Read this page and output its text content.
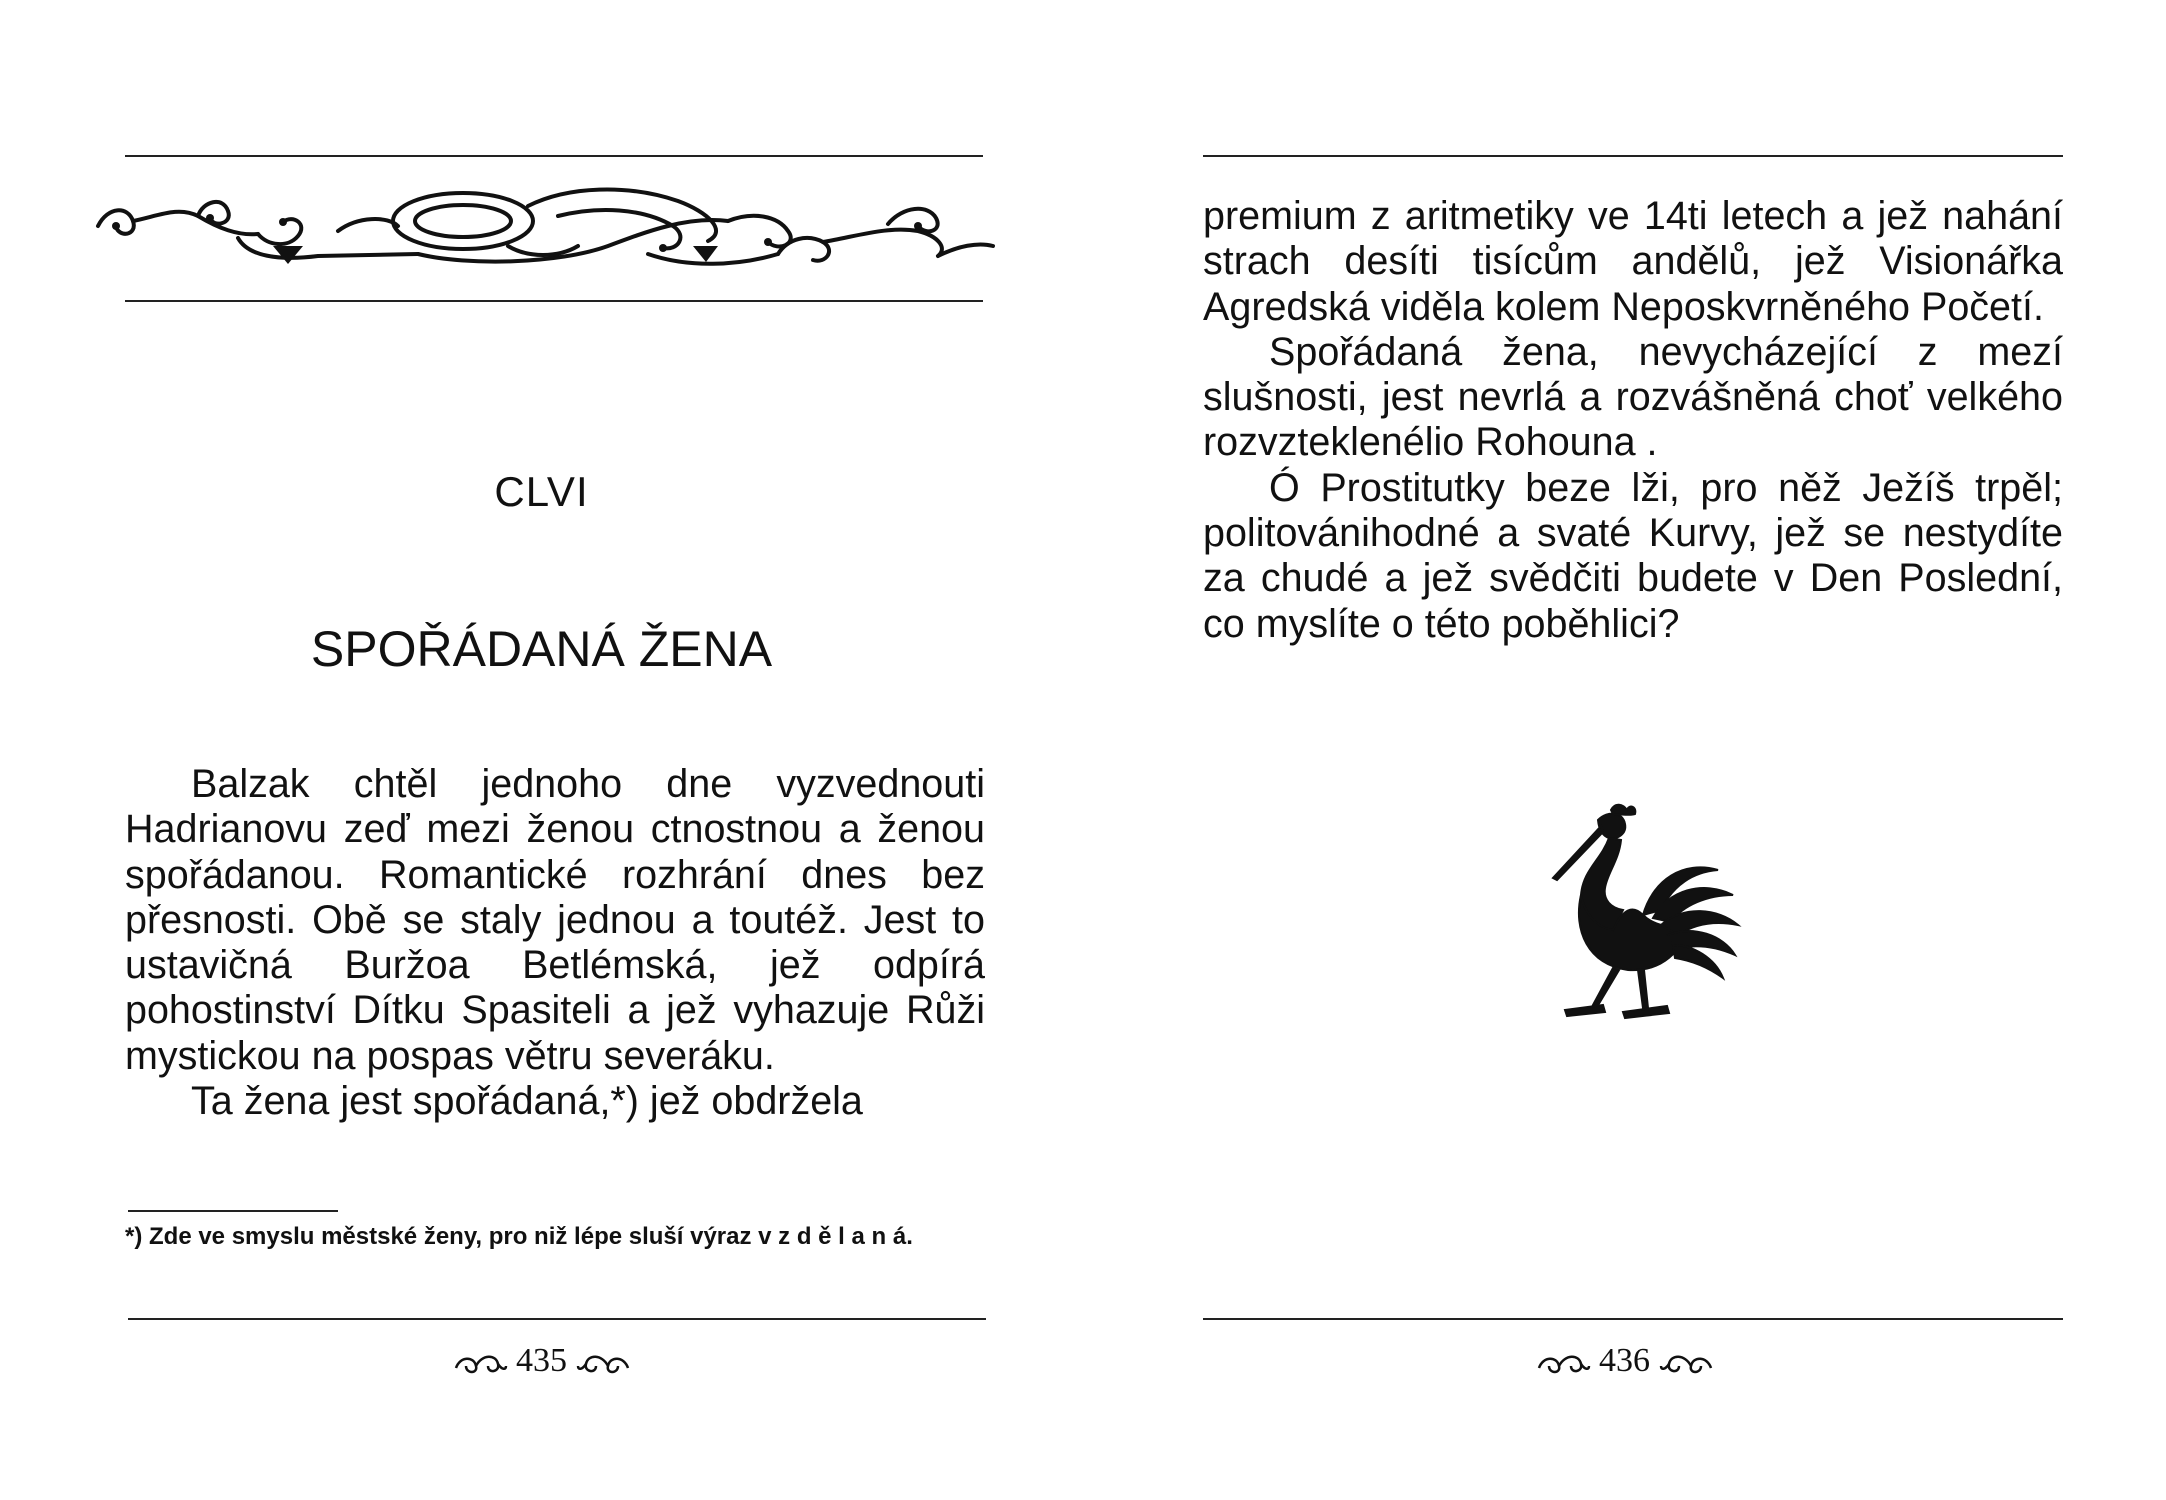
CLVI
SPOŘÁDANÁ ŽENA

Balzak chtěl jednoho dne vyzvednouti Hadrianovu zeď mezi ženou ctnostnou a ženou spořádanou. Romantické rozhrání dnes bez přesnosti. Obě se staly jednou a toutéž. Jest to ustavičná Buržoa Betlémská, jež odpírá pohostinství Dítku Spasiteli a jež vyhazuje Růži mystickou na pospas větru severáku.

Ta žena jest spořádaná,*) jež obdržela

*) Zde ve smyslu městské ženy, pro niž lépe sluší výraz v z d ě l a n á.
435

premium z aritmetiky ve 14ti letech a jež nahání strach desíti tisícům andělů, jež Visionářka Agredská viděla kolem Neposkvrněného Početí.

Spořádaná žena, nevycházející z mezí slušnosti, jest nevrlá a rozvášněná choť velkého rozvzteklenélio Rohouna .

Ó Prostitutky beze lži, pro něž Ježíš trpěl; politovánihodné a svaté Kurvy, jež se nestydíte za chudé a jež svědčiti budete v Den Poslední, co myslíte o této poběhlici?

436
